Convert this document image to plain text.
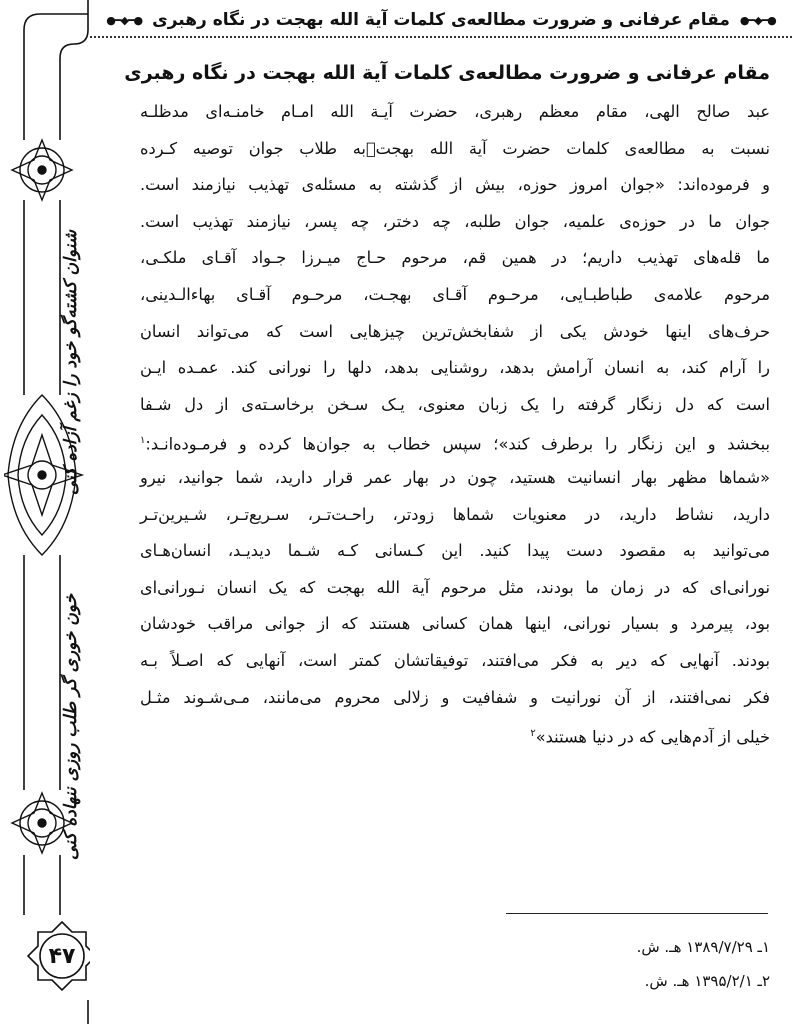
●━◆━● مقام عرفانی و ضرورت مطالعه‌ی کلمات آیة الله بهجت در نگاه رهبری ●━◆━●
شنوان کشته‌گو خود را زغم آزاده کنی
خون خوری گر طلب روزی ننهاده کنی
۴۷
مقام عرفانی و ضرورت مطالعه‌ی کلمات آیة الله بهجت در نگاه رهبری
عبد صالح الهی، مقام معظم رهبری، حضرت آیـة الله امـام خامنـه‌ای مدظلـه
نسبت به مطالعه‌ی کلمات حضرت آیة الله بهجت﷫به طلاب جوان توصیه کـرده
و فرموده‌اند: «جوان امروز حوزه، بیش از گذشته به مسئله‌ی تهذیب نیازمند است.
جوان ما در حوزه‌ی علمیه، جوان طلبه، چه دختر، چه پسر، نیازمند تهذیب است.
ما قله‌های تهذیب داریم؛ در همین قم، مرحوم حـاج میـرزا جـواد آقـای ملکـی،
مرحوم علامه‌ی طباطبـایی، مرحـوم آقـای بهجـت، مرحـوم آقـای بهاءالـدینی،
حرف‌های اینها خودش یکی از شفابخش‌ترین چیزهایی است که می‌تواند انسان
را آرام کند، به انسان آرامش بدهد، روشنایی بدهد، دلها را نورانی کند. عمـده ایـن
است که دل زنگار گرفته را یک زبان معنوی، یـک سـخن برخاسـته‌ی از دل شـفا
ببخشد و این زنگار را برطرف کند»؛ سپس خطاب به جوان‌ها کرده و فرمـوده‌انـد:$^۱$
«شماها مظهر بهار انسانیت هستید، چون در بهار عمر قرار دارید، شما جوانید، نیرو
دارید، نشاط دارید، در معنویات شماها زودتر، راحـت‌تـر، سـریع‌تـر، شـیرین‌تـر
می‌توانید به مقصود دست پیدا کنید. این کـسانی کـه شـما دیدیـد، انسان‌هـای
نورانی‌ای که در زمان ما بودند، مثل مرحوم آیة الله بهجت که یک انسان نـورانی‌ای
بود، پیرمرد و بسیار نورانی، اینها همان کسانی هستند که از جوانی مراقب خودشان
بودند. آنهایی که دیر به فکر می‌افتند، توفیقاتشان کمتر است، آنهایی که اصـلاً بـه
فکر نمی‌افتند، از آن نورانیت و شفافیت و زلالی محروم می‌مانند، مـی‌شـوند مثـل
خیلی از آدم‌هایی که در دنیا هستند»$^۲$
۱ـ ۱۳۸۹/۷/۲۹ هـ. ش.
۲ـ ۱۳۹۵/۲/۱ هـ. ش.
